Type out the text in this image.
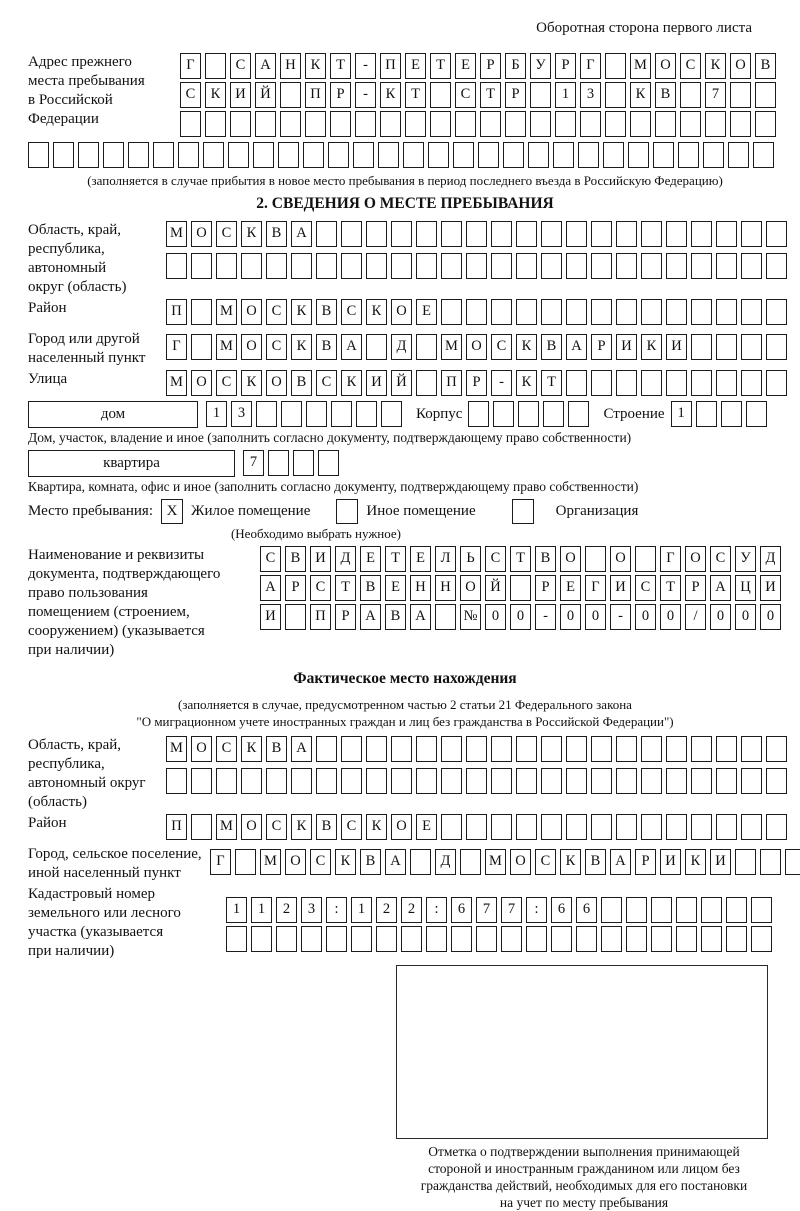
Оборотная сторона первого листа
Адрес прежнего
места пребывания
в Российской
Федерации
Г	С	А	Н	К	Т	-	П	Е	Т	Е	Р	Б	У	Р	Г	М О	С	К	О	В
С	К	И	Й	П	Р	-	К	Т	С	Т	Р	1	3	К	В	7
(заполняется в случае прибытия в новое место пребывания в период последнего въезда в Российскую Федерацию)
2. СВЕДЕНИЯ О МЕСТЕ ПРЕБЫВАНИЯ
Область, край,
республика,
автономный
округ (область)
М О	С	К	В	А
Район	П	М О	С	К	В	С	К	О	Е
Город или другой
населенный пункт
Г	М О	С	К	В	А	Д	М О	С	К	В	А	Р	И	К	И
Улица	М О	С	К	О	В	С	К	И	Й	П	Р	-	К	Т
дом	1	3	Корпус	Строение 1
Дом, участок, владение и иное (заполнить согласно документу, подтверждающему право собственности)
квартира	7
Квартира, комната, офис и иное (заполнить согласно документу, подтверждающему право собственности)
Место пребывания: X Жилое помещение	Иное помещение	Организация
(Необходимо выбрать нужное)
Наименование и реквизиты
документа, подтверждающего
право пользования
помещением (строением,
сооружением) (указывается
при наличии)
С	В	И	Д	Е	Т	Е	Л	Ь	С	Т	В	О	О	Г	О	С	У	Д
А	Р	С	Т	В	Е	Н	Н	О	Й	Р	Е	Г	И	С	Т	Р	А	Ц	И
И	П	Р	А	В	А	№ 0	0	-	0	0	-	0	0	/	0	0	0
Фактическое место нахождения
(заполняется в случае, предусмотренном частью 2 статьи 21 Федерального закона
"О миграционном учете иностранных граждан и лиц без гражданства в Российской Федерации")
Область, край,
республика,
автономный округ
(область)
М О	С	К	В	А
Район	П	М О	С	К	В	С	К	О	Е
Город, сельское поселение,
иной населенный пункт
Г	М О	С	К	В	А	Д	М О	С	К	В	А	Р	И	К	И
Кадастровый номер
земельного или лесного
участка (указывается
при наличии)
1	1	2	3	:	1	2	2	:	6	7	7	:	6	6
Отметка о подтверждении выполнения принимающей
стороной и иностранным гражданином или лицом без
гражданства действий, необходимых для его постановки
на учет по месту пребывания
